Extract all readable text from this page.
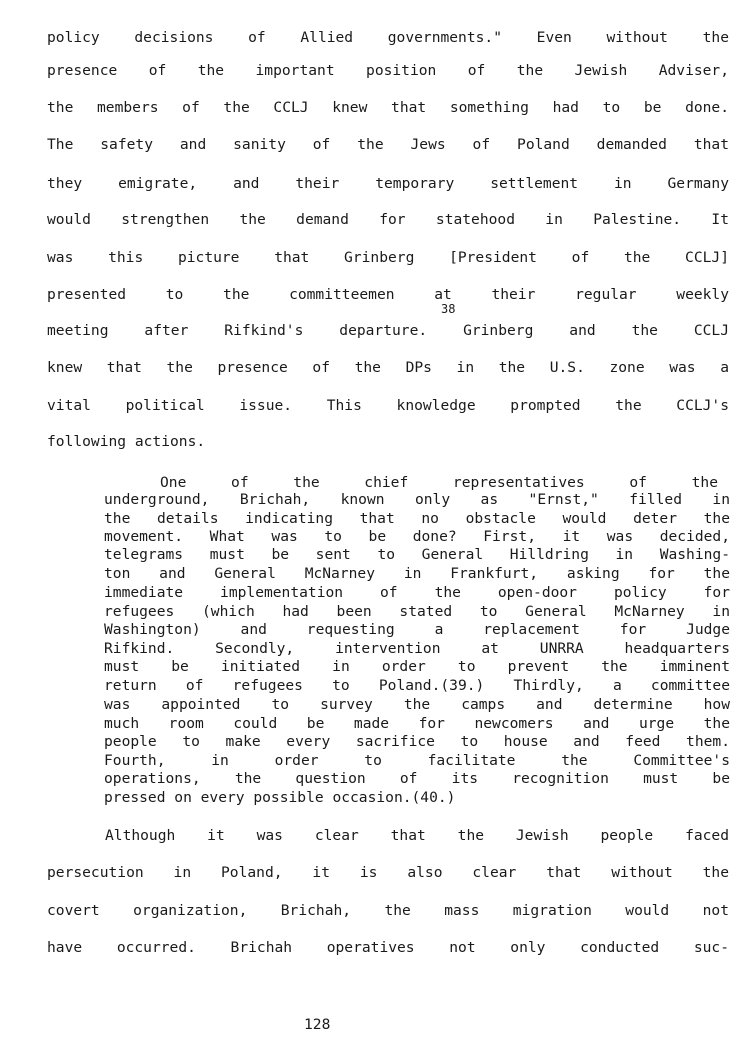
policy decisions of Allied governments." Even without the
presence of the important position of the Jewish Adviser,
the members of the CCLJ knew that something had to be done.
The safety and sanity of the Jews of Poland demanded that
they emigrate, and their temporary settlement in Germany
would strengthen the demand for statehood in Palestine. It
was this picture that Grinberg [President of the CCLJ]
presented to the committeemen at their regular weekly
meeting after Rifkind's departure. Grinberg and the CCLJ
knew that the presence of the DPs in the U.S. zone was a
vital political issue. This knowledge prompted the CCLJ's
following actions.
38
One of the chief representatives of the
underground, Brichah, known only as "Ernst," filled in
the details indicating that no obstacle would deter the
movement. What was to be done? First, it was decided,
telegrams must be sent to General Hilldring in Washing-
ton and General McNarney in Frankfurt, asking for the
immediate implementation of the open-door policy for
refugees (which had been stated to General McNarney in
Washington) and requesting a replacement for Judge
Rifkind. Secondly, intervention at UNRRA headquarters
must be initiated in order to prevent the imminent
return of refugees to Poland.(39.) Thirdly, a committee
was appointed to survey the camps and determine how
much room could be made for newcomers and urge the
people to make every sacrifice to house and feed them.
Fourth, in order to facilitate the Committee's
operations, the question of its recognition must be
pressed on every possible occasion.(40.)
Although it was clear that the Jewish people faced
persecution in Poland, it is also clear that without the
covert organization, Brichah, the mass migration would not
have occurred. Brichah operatives not only conducted suc-
128
